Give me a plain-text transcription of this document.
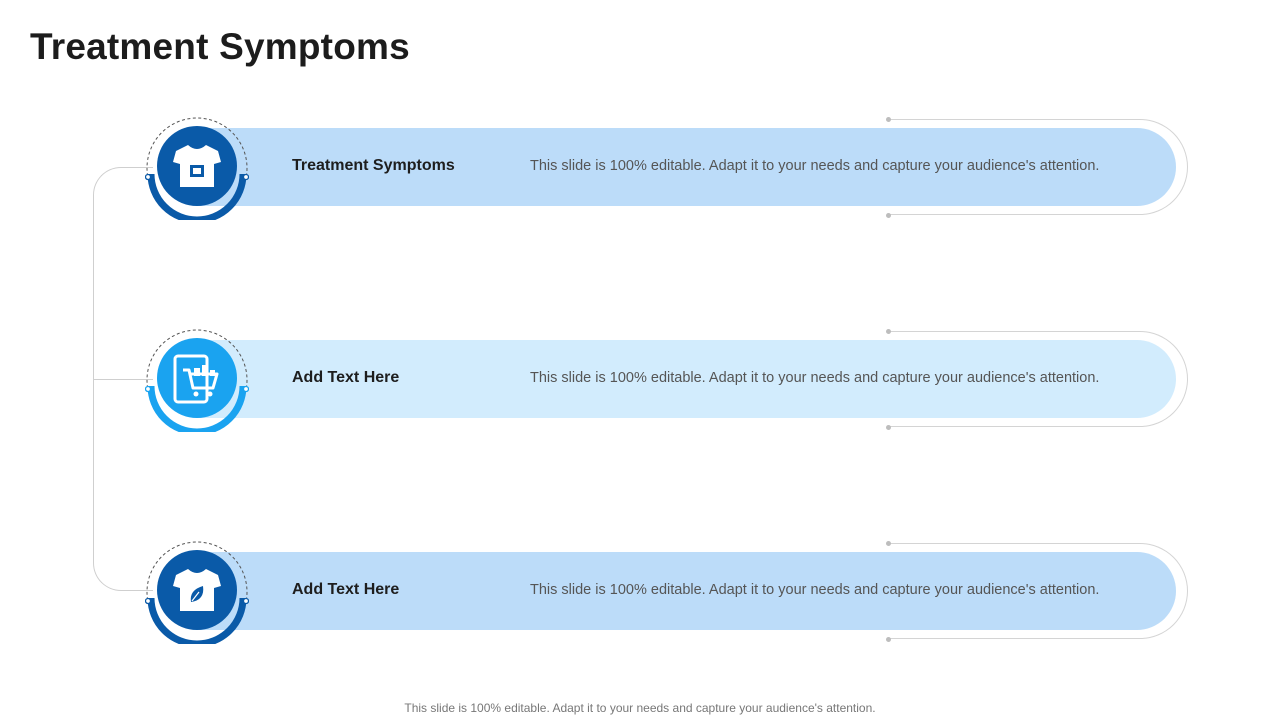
Treatment Symptoms
Treatment Symptoms	This slide is 100% editable. Adapt it to your needs and capture your audience's attention.
Add Text Here	This slide is 100% editable. Adapt it to your needs and capture your audience's attention.
Add Text Here	This slide is 100% editable. Adapt it to your needs and capture your audience's attention.
This slide is 100% editable. Adapt it to your needs and capture your audience's attention.
